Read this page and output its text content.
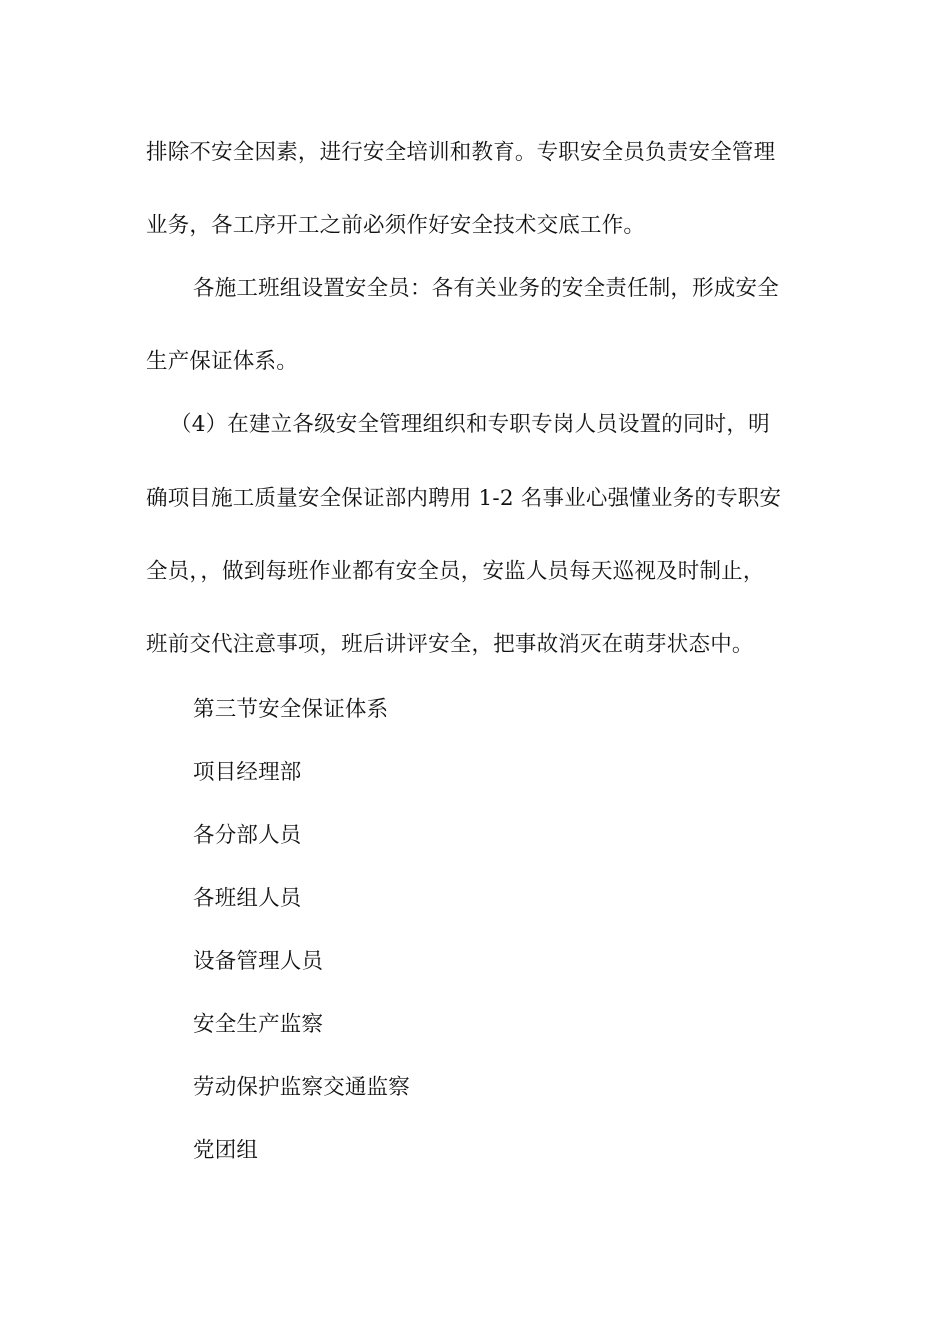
排除不安全因素，进行安全培训和教育。专职安全员负责安全管理
业务，各工序开工之前必须作好安全技术交底工作。
各施工班组设置安全员：各有关业务的安全责任制，形成安全
生产保证体系。
（4）在建立各级安全管理组织和专职专岗人员设置的同时，明
确项目施工质量安全保证部内聘用 1-2 名事业心强懂业务的专职安
全员，，做到每班作业都有安全员，安监人员每天巡视及时制止，
班前交代注意事项，班后讲评安全，把事故消灭在萌芽状态中。
第三节安全保证体系
项目经理部
各分部人员
各班组人员
设备管理人员
安全生产监察
劳动保护监察交通监察
党团组
